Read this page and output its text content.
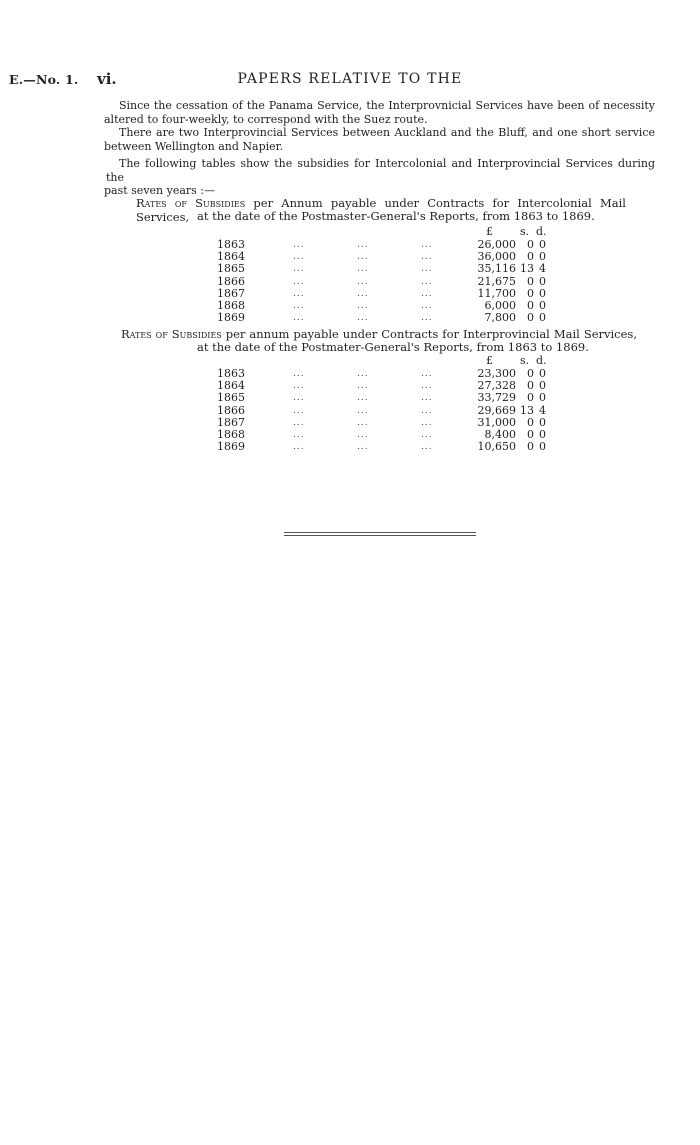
E.—No. 1. vi.	PAPERS RELATIVE TO THE
Since the cessation of the Panama Service, the Interprovnicial Services have been of necessity
altered to four-weekly, to correspond with the Suez route.
There are two Interprovincial Services between Auckland and the Bluff, and one short service
between Wellington and Napier.
The following tables show the subsidies for Intercolonial and Interprovincial Services during the
past seven years :—
Rates of Subsidies per Annum payable under Contracts for Intercolonial Mail Services, at the date of the Postmaster-General's Reports, from 1863 to 1869.
£ s. d.
1863	...	...	...	26,000	0 0
1864	...	...	...	36,000	0 0
1865	...	...	...	35,116 13 4
1866	...	...	...	21,675	0 0
1867	...	...	...	11,700	0 0
1868	...	...	...	6,000	0 0
1869	...	...	...	7,800	0 0
Rates of Subsidies per annum payable under Contracts for Interprovincial Mail Services,
at the date of the Postmater-General's Reports, from 1863 to 1869.
£ s. d.
1863	...	...	...	23,300	0 0
1864	...	...	...	27,328	0 0
1865	...	...	...	33,729	0 0
1866	...	...	...	29,669 13 4
1867	...	...	...	31,000	0 0
1868	...	...	...	8,400	0 0
1869	...	...	...	10,650	0 0
